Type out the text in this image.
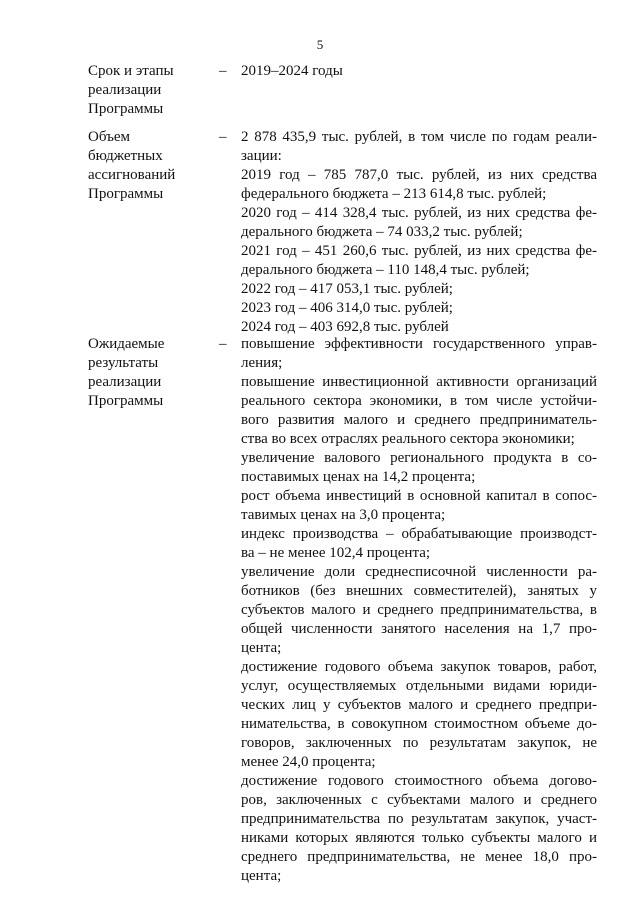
5
Срок и этапы
реализации
Программы
– 2019–2024 годы
Объем
бюджетных
ассигнований
Программы
– 2 878 435,9 тыс. рублей, в том числе по годам реали-
зации:
2019 год – 785 787,0 тыс. рублей, из них средства
федерального бюджета – 213 614,8 тыс. рублей;
2020 год – 414 328,4 тыс. рублей, из них средства фе-
дерального бюджета – 74 033,2 тыс. рублей;
2021 год – 451 260,6 тыс. рублей, из них средства фе-
дерального бюджета – 110 148,4 тыс. рублей;
2022 год – 417 053,1 тыс. рублей;
2023 год – 406 314,0 тыс. рублей;
2024 год – 403 692,8 тыс. рублей
Ожидаемые
результаты
реализации
Программы
– повышение эффективности государственного управ-
ления;
повышение инвестиционной активности организаций
реального сектора экономики, в том числе устойчи-
вого развития малого и среднего предприниматель-
ства во всех отраслях реального сектора экономики;
увеличение валового регионального продукта в со-
поставимых ценах на 14,2 процента;
рост объема инвестиций в основной капитал в сопос-
тавимых ценах на 3,0 процента;
индекс производства – обрабатывающие производст-
ва – не менее 102,4 процента;
увеличение доли среднесписочной численности ра-
ботников (без внешних совместителей), занятых у
субъектов малого и среднего предпринимательства, в
общей численности занятого населения на 1,7 про-
цента;
достижение годового объема закупок товаров, работ,
услуг, осуществляемых отдельными видами юриди-
ческих лиц у субъектов малого и среднего предпри-
нимательства, в совокупном стоимостном объеме до-
говоров, заключенных по результатам закупок, не
менее 24,0 процента;
достижение годового стоимостного объема догово-
ров, заключенных с субъектами малого и среднего
предпринимательства по результатам закупок, участ-
никами которых являются только субъекты малого и
среднего предпринимательства, не менее 18,0 про-
цента;
